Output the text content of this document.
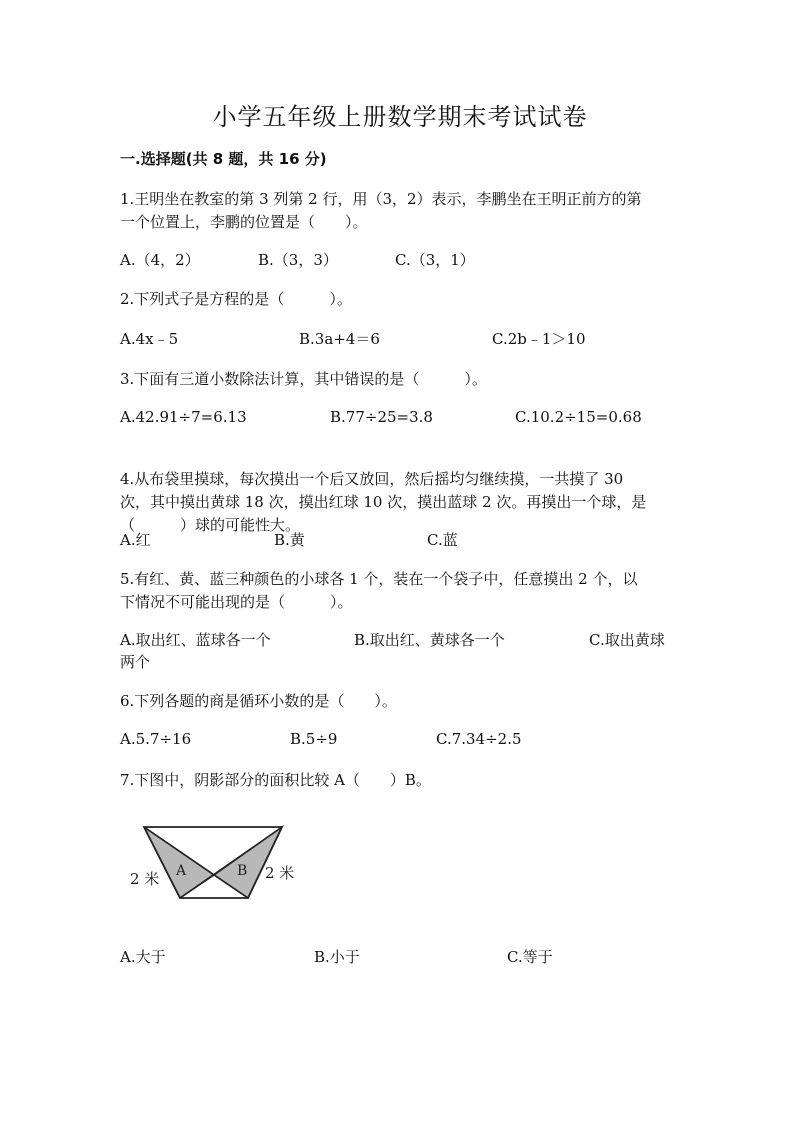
小学五年级上册数学期末考试试卷
一.选择题(共 8 题，共 16 分)
1.王明坐在教室的第 3 列第 2 行，用（3，2）表示，李鹏坐在王明正前方的第
一个位置上，李鹏的位置是（　　）。
A.（4，2）	B.（3，3）	C.（3，1）
2.下列式子是方程的是（　　　）。
A.4x﹣5	B.3a+4＝6	C.2b﹣1＞10
3.下面有三道小数除法计算，其中错误的是（　　　）。
A.42.91÷7=6.13	B.77÷25=3.8	C.10.2÷15=0.68
4.从布袋里摸球，每次摸出一个后又放回，然后摇均匀继续摸，一共摸了 30
次，其中摸出黄球 18 次，摸出红球 10 次，摸出蓝球 2 次。再摸出一个球，是
（　　　）球的可能性大。
A.红	B.黄	C.蓝
5.有红、黄、蓝三种颜色的小球各 1 个，装在一个袋子中，任意摸出 2 个，以
下情况不可能出现的是（　　　）。
A.取出红、蓝球各一个	B.取出红、黄球各一个	C.取出黄球
两个
6.下列各题的商是循环小数的是（　　）。
A.5.7÷16	B.5÷9	C.7.34÷2.5
7.下图中，阴影部分的面积比较 A（　　）B。
A	B
2 米	2 米
A.大于	B.小于	C.等于
